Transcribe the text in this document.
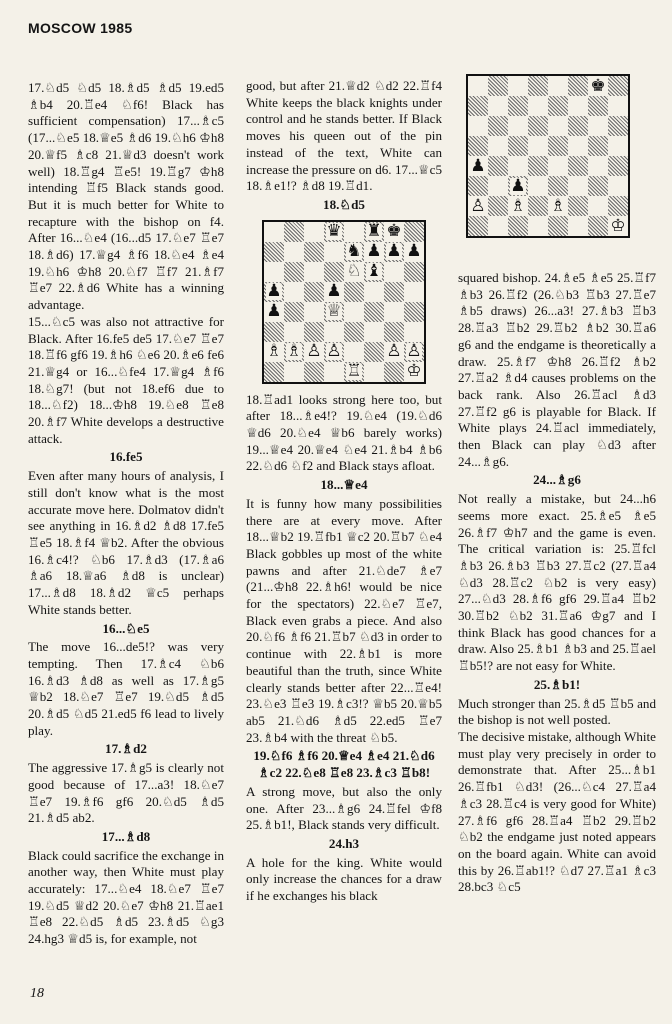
MOSCOW 1985

17.♘d5 ♘d5 18.♗d5 ♗d5 19.ed5 ♗b4 20.♖e4 ♘f6! Black has sufficient compensation) 17...♗c5 (17...♘e5 18.♕e5 ♗d6 19.♘h6 ♔h8 20.♕f5 ♗c8 21.♕d3 doesn't work well) 18.♖g4 ♖e5! 19.♖g7 ♔h8 intending ♖f5 Black stands good. But it is much better for White to recapture with the bishop on f4. After 16...♘e4 (16...d5 17.♘e7 ♖e7 18.♗d6) 17.♕g4 ♗f6 18.♘e4 ♗e4 19.♘h6 ♔h8 20.♘f7 ♖f7 21.♗f7 ♖e7 22.♗d6 White has a winning advantage.

15...♘c5 was also not attractive for Black. After 16.fe5 de5 17.♘e7 ♖e7 18.♖f6 gf6 19.♗h6 ♘e6 20.♗e6 fe6 21.♕g4 or 16...♘fe4 17.♕g4 ♗f6 18.♘g7! (but not 18.ef6 due to 18...♘f2) 18...♔h8 19.♘e8 ♖e8 20.♗f7 White develops a destructive attack.

16.fe5

Even after many hours of analysis, I still don't know what is the most accurate move here. Dolmatov didn't see anything in 16.♗d2 ♗d8 17.fe5 ♖e5 18.♗f4 ♕b2. After the obvious 16.♗c4!? ♘b6 17.♗d3 (17.♗a6 ♗a6 18.♕a6 ♗d8 is unclear) 17...♗d8 18.♗d2 ♕c5 perhaps White stands better.

16...♘e5

The move 16...de5!? was very tempting. Then 17.♗c4 ♘b6 16.♗d3 ♗d8 as well as 17.♗g5 ♕b2 18.♘e7 ♖e7 19.♘d5 ♗d5 20.♗d5 ♘d5 21.ed5 f6 lead to lively play.

17.♗d2

The aggressive 17.♗g5 is clearly not good because of 17...a3! 18.♘e7 ♖e7 19.♗f6 gf6 20.♘d5 ♗d5 21.♗d5 ab2.

17...♗d8

Black could sacrifice the exchange in another way, then White must play accurately: 17...♘e4 18.♘e7 ♖e7 19.♘d5 ♕d2 20.♘e7 ♔h8 21.♖ae1 ♖e8 22.♘d5 ♗d5 23.♗d5 ♘g3 24.hg3 ♕d5 is, for example, not

good, but after 21.♕d2 ♘d2 22.♖f4 White keeps the black knights under control and he stands better. If Black moves his queen out of the pin instead of the text, White can increase the pressure on d6. 17...♕c5 18.♗e1!? ♗d8 19.♖d1.

18.♘d5

♛ ♜ ♚
♞ ♟ ♟ ♟
♘ ♝
♟	♟
♟	♕
♗ ♗ ♙ ♙	♙ ♙
♖	♔

18.♖ad1 looks strong here too, but after 18...♗e4!? 19.♘e4 (19.♘d6 ♕d6 20.♘e4 ♕b6 barely works) 19...♕e4 20.♕e4 ♘e4 21.♗b4 ♗b6 22.♘d6 ♘f2 and Black stays afloat.

18...♕e4

It is funny how many possibilities there are at every move. After 18...♕b2 19.♖fb1 ♕c2 20.♖b7 ♘e4 Black gobbles up most of the white pawns and after 21.♘de7 ♗e7 (21...♔h8 22.♗h6! would be nice for the spectators) 22.♘e7 ♖e7, Black even grabs a piece. And also 20.♘f6 ♗f6 21.♖b7 ♘d3 in order to continue with 22.♗b1 is more beautiful than the truth, since White clearly stands better after 22...♖e4! 23.♘e3 ♖e3 19.♗c3!? ♕b5 20.♕b5 ab5 21.♘d6 ♗d5 22.ed5 ♖e7 23.♗b4 with the threat ♘b5.

19.♘f6 ♗f6 20.♕e4 ♗e4 21.♘d6 ♗c2 22.♘e8 ♖e8 23.♗c3 ♖b8!

A strong move, but also the only one. After 23...♗g6 24.♖fel ♔f8 25.♗b1!, Black stands very difficult.

24.h3

A hole for the king. White would only increase the chances for a draw if he exchanges his black

♚
♟
♟
♙ ♗ ♗
♔

squared bishop. 24.♗e5 ♗e5 25.♖f7 ♗b3 26.♖f2 (26.♘b3 ♖b3 27.♖e7 ♗b5 draws) 26...a3! 27.♗b3 ♖b3 28.♖a3 ♖b2 29.♖b2 ♗b2 30.♖a6 g6 and the endgame is theoretically a draw. 25.♗f7 ♔h8 26.♖f2 ♗b2 27.♖a2 ♗d4 causes problems on the back rank. Also 26.♖acl ♗d3 27.♖f2 g6 is playable for Black. If White plays 24.♖acl immediately, then Black can play ♘d3 after 24...♗g6.

24...♗g6

Not really a mistake, but 24...h6 seems more exact. 25.♗e5 ♗e5 26.♗f7 ♔h7 and the game is even. The critical variation is: 25.♖fcl ♗b3 26.♗b3 ♖b3 27.♖c2 (27.♖a4 ♘d3 28.♖c2 ♘b2 is very easy) 27...♘d3 28.♗f6 gf6 29.♖a4 ♖b2 30.♖b2 ♘b2 31.♖a6 ♔g7 and I think Black has good chances for a draw. Also 25.♗b1 ♗b3 and 25.♖ael ♖b5!? are not easy for White.

25.♗b1!

Much stronger than 25.♗d5 ♖b5 and the bishop is not well posted.

The decisive mistake, although White must play very precisely in order to demonstrate that. After 25...♗b1 26.♖fb1 ♘d3! (26...♘c4 27.♖a4 ♗c3 28.♖c4 is very good for White) 27.♗f6 gf6 28.♖a4 ♖b2 29.♖b2 ♘b2 the endgame just noted appears on the board again. White can avoid this by 26.♖ab1!? ♘d7 27.♖a1 ♗c3 28.bc3 ♘c5

18
